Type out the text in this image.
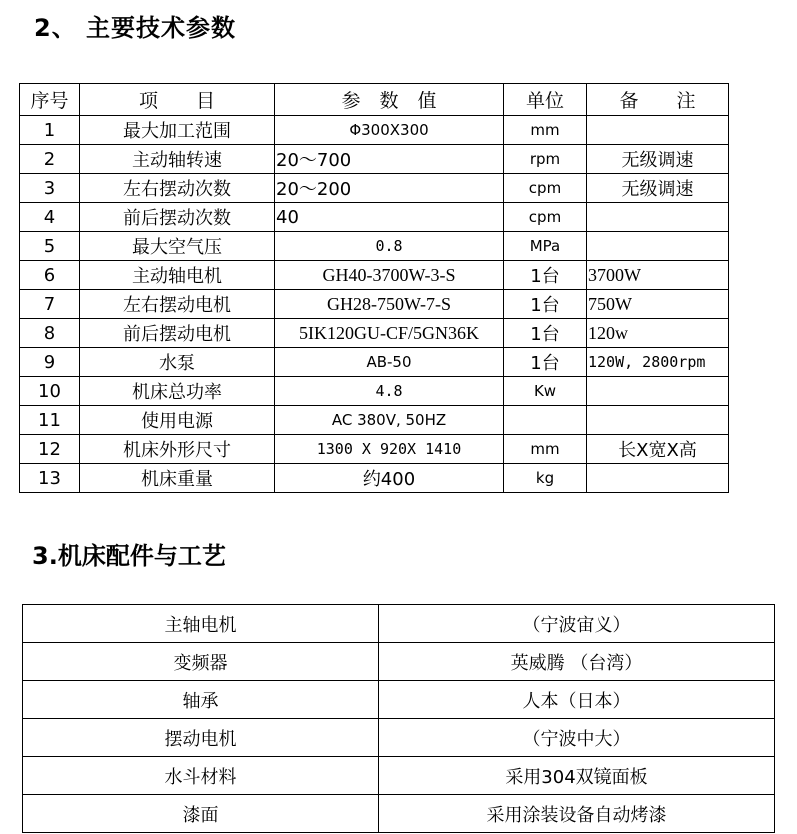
2、 主要技术参数
序号	项　　目	参　数　值	单位	备　　注
1	最大加工范围	Φ300X300	mm	
2	主动轴转速	20～700	rpm	无级调速
3	左右摆动次数	20～200	cpm	无级调速
4	前后摆动次数	40	cpm	
5	最大空气压	0.8	MPa	
6	主动轴电机	GH40-3700W-3-S	1台	3700W
7	左右摆动电机	GH28-750W-7-S	1台	750W
8	前后摆动电机	5IK120GU-CF/5GN36K	1台	120w
9	水泵	AB-50	1台	120W, 2800rpm
10	机床总功率	4.8	Kw	
11	使用电源	AC 380V, 50HZ		
12	机床外形尺寸	1300 X 920X 1410	mm	长X宽X高
13	机床重量	约400	kg	
3.机床配件与工艺
主轴电机	（宁波宙义）
变频器	英威腾 （台湾）
轴承	人本（日本）
摆动电机	（宁波中大）
水斗材料	采用304双镜面板
漆面	采用涂装设备自动烤漆
